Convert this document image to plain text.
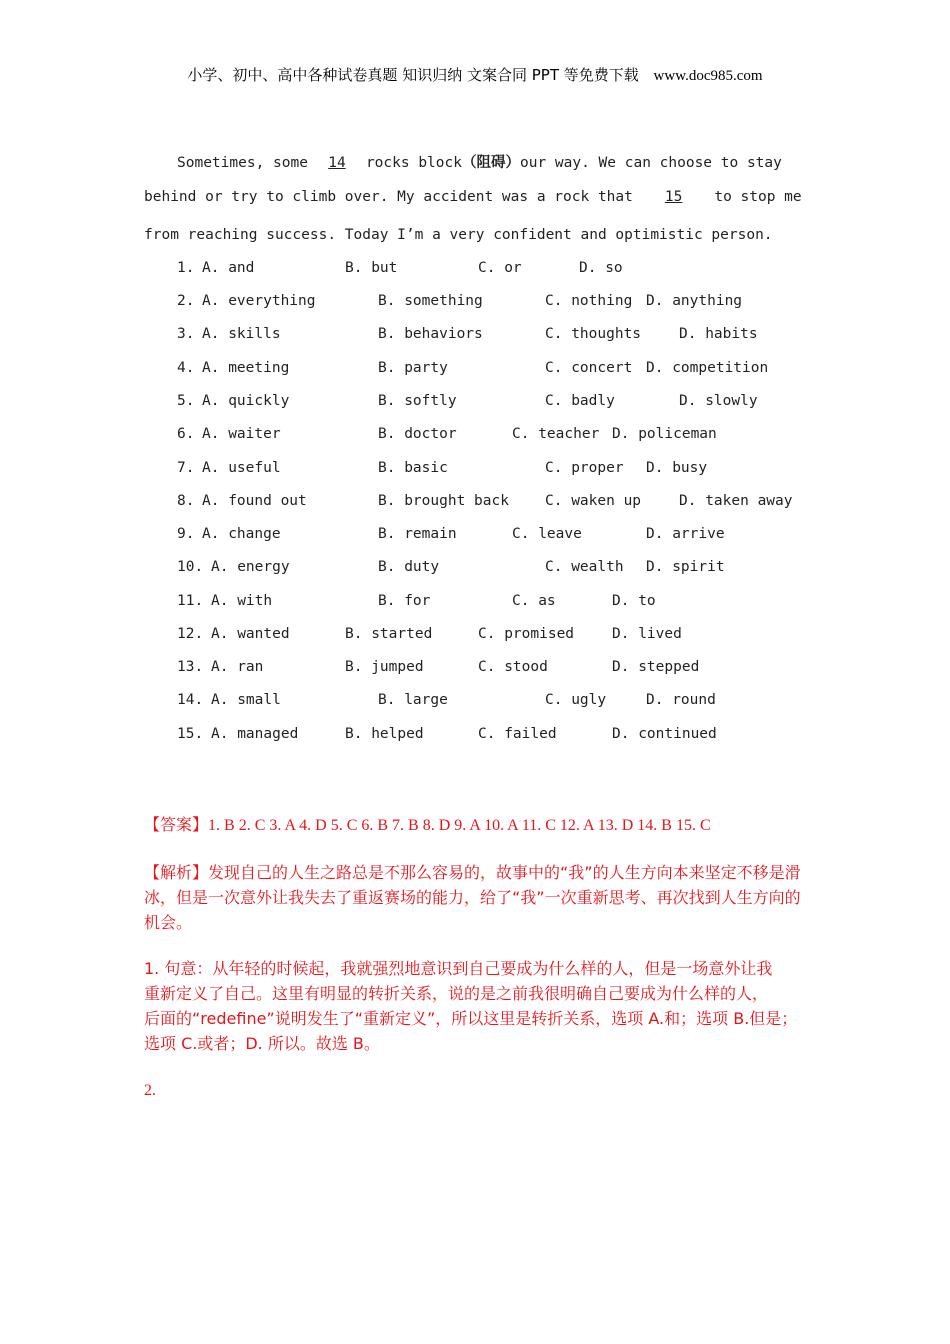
小学、初中、高中各种试卷真题 知识归纳 文案合同 PPT 等免费下载 www.doc985.com
Sometimes, some 14 rocks block（阻碍）our way. We can choose to stay
behind or try to climb over. My accident was a rock that 15 to stop me
from reaching success. Today I’m a very confident and optimistic person.
1. A. and	B. but	C. or	D. so
2. A. everything	B. something	C. nothing D. anything
3. A. skills	B. behaviors	C. thoughts	D. habits
4. A. meeting	B. party	C. concert D. competition
5. A. quickly	B. softly	C. badly	D. slowly
6. A. waiter	B. doctor	C. teacher D. policeman
7. A. useful	B. basic	C. proper D. busy
8. A. found out	B. brought back C. waken up	D. taken away
9. A. change	B. remain	C. leave	D. arrive
10. A. energy	B. duty	C. wealth D. spirit
11. A. with	B. for	C. as	D. to
12. A. wanted	B. started	C. promised	D. lived
13. A. ran	B. jumped	C. stood	D. stepped
14. A. small	B. large	C. ugly	D. round
15. A. managed	B. helped	C. failed	D. continued
【答案】1. B 2. C 3. A 4. D 5. C 6. B 7. B 8. D 9. A 10. A 11. C 12. A 13. D 14. B 15. C
【解析】发现自己的人生之路总是不那么容易的，故事中的“我”的人生方向本来坚定不移是滑冰，但是一次意外让我失去了重返赛场的能力，给了“我”一次重新思考、再次找到人生方向的机会。
1. 句意：从年轻的时候起，我就强烈地意识到自己要成为什么样的人，但是一场意外让我
重新定义了自己。这里有明显的转折关系，说的是之前我很明确自己要成为什么样的人，
后面的“redefine”说明发生了“重新定义”，所以这里是转折关系，选项 A.和；选项 B.但是；
选项 C.或者；D. 所以。故选 B。
2.
